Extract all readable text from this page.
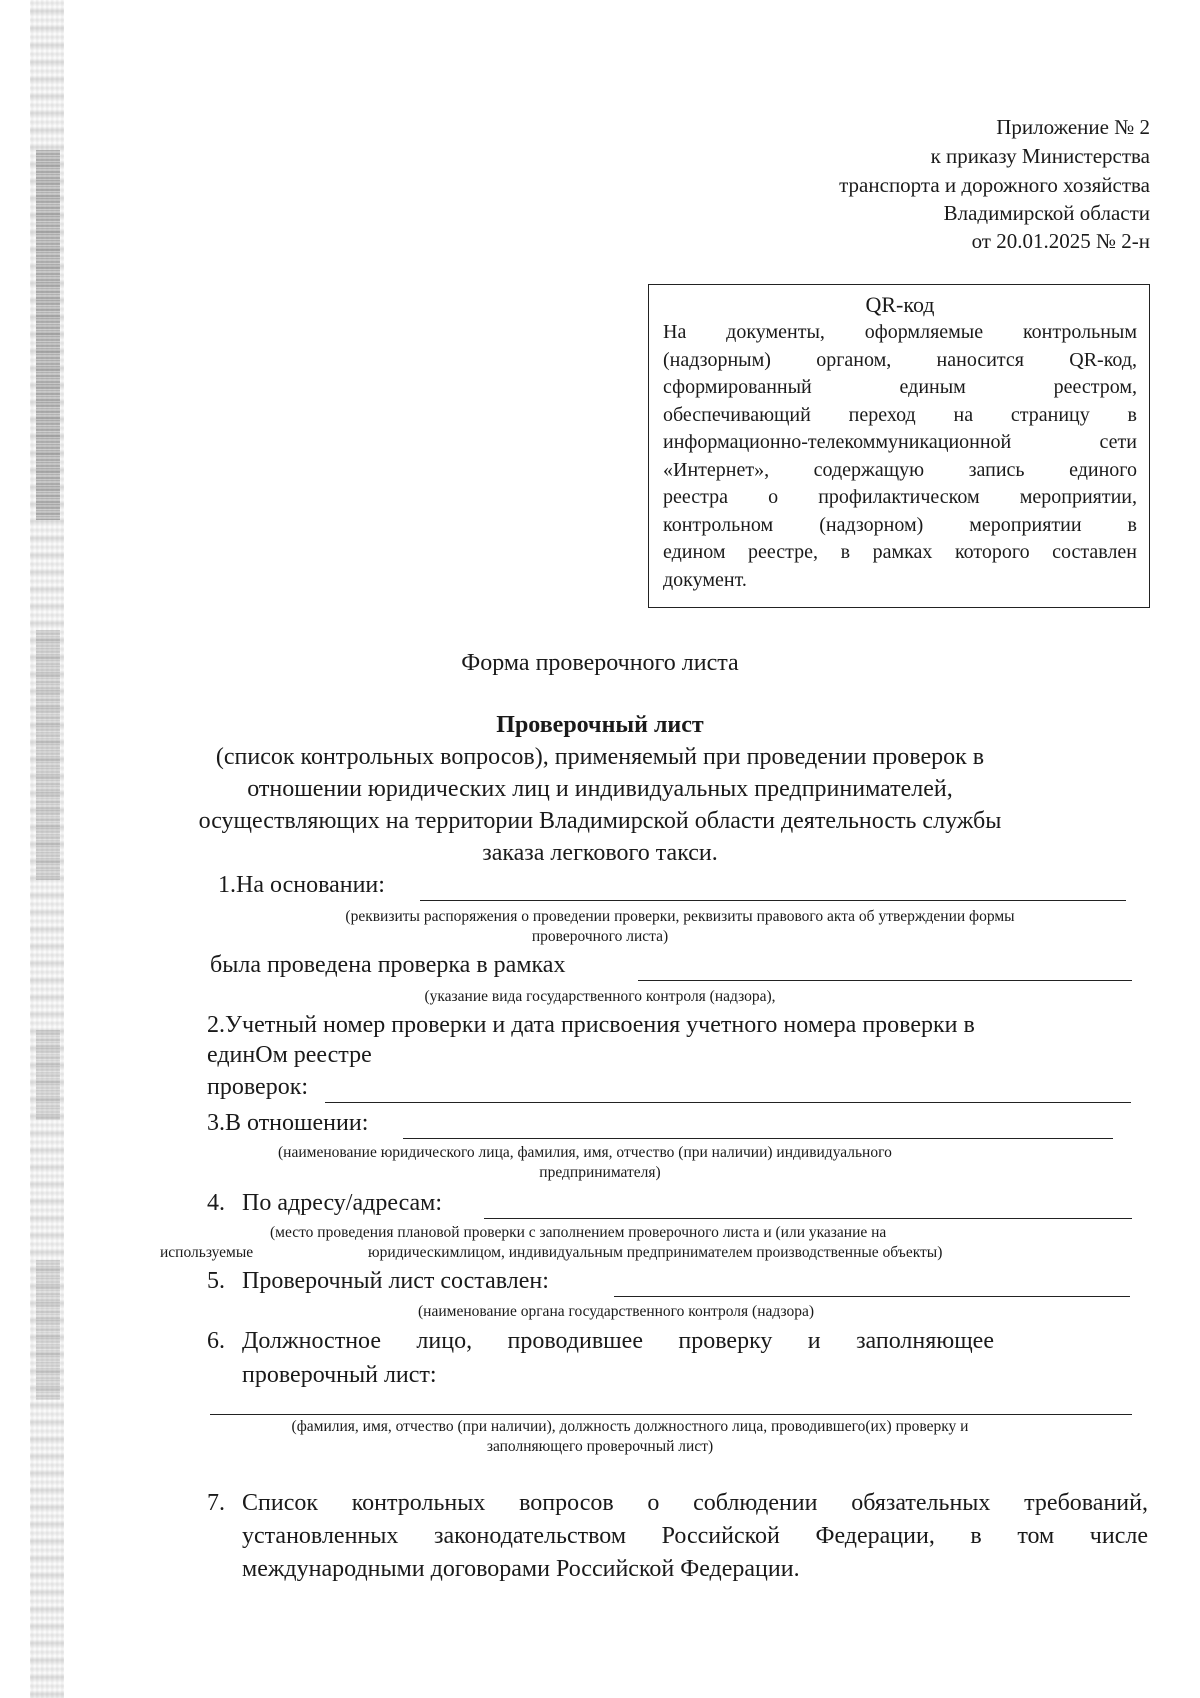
Приложение № 2
к приказу Министерства
транспорта и дорожного хозяйства
Владимирской области
от 20.01.2025 № 2-н
QR-код
На документы, оформляемые контрольным
(надзорным) органом, наносится QR-код,
сформированный единым реестром,
обеспечивающий переход на страницу в
информационно-телекоммуникационной сети
«Интернет», содержащую запись единого
реестра о профилактическом мероприятии,
контрольном (надзорном) мероприятии в
едином реестре, в рамках которого составлен
документ.
Форма проверочного листа
Проверочный лист
(список контрольных вопросов), применяемый при проведении проверок в
отношении юридических лиц и индивидуальных предпринимателей,
осуществляющих на территории Владимирской области деятельность службы
заказа легкового такси.
1.На основании:
(реквизиты распоряжения о проведении проверки, реквизиты правового акта об утверждении формы
проверочного листа)
была проведена проверка в рамках
(указание вида государственного контроля (надзора),
2.Учетный номер проверки и дата присвоения учетного номера проверки в
единОм реестре
проверок:
3.В отношении:
(наименование юридического лица, фамилия, имя, отчество (при наличии) индивидуального
предпринимателя)
4. По адресу/адресам:
(место проведения плановой проверки с заполнением проверочного листа и (или указание на
используемые	юридическимлицом, индивидуальным предпринимателем производственные объекты)
5. Проверочный лист составлен:
(наименование органа государственного контроля (надзора)
6. Должностное лицо, проводившее проверку и заполняющее
проверочный лист:
(фамилия, имя, отчество (при наличии), должность должностного лица, проводившего(их) проверку и
заполняющего проверочный лист)
7. Список контрольных вопросов о соблюдении обязательных требований,
установленных законодательством Российской Федерации, в том числе
международными договорами Российской Федерации.
